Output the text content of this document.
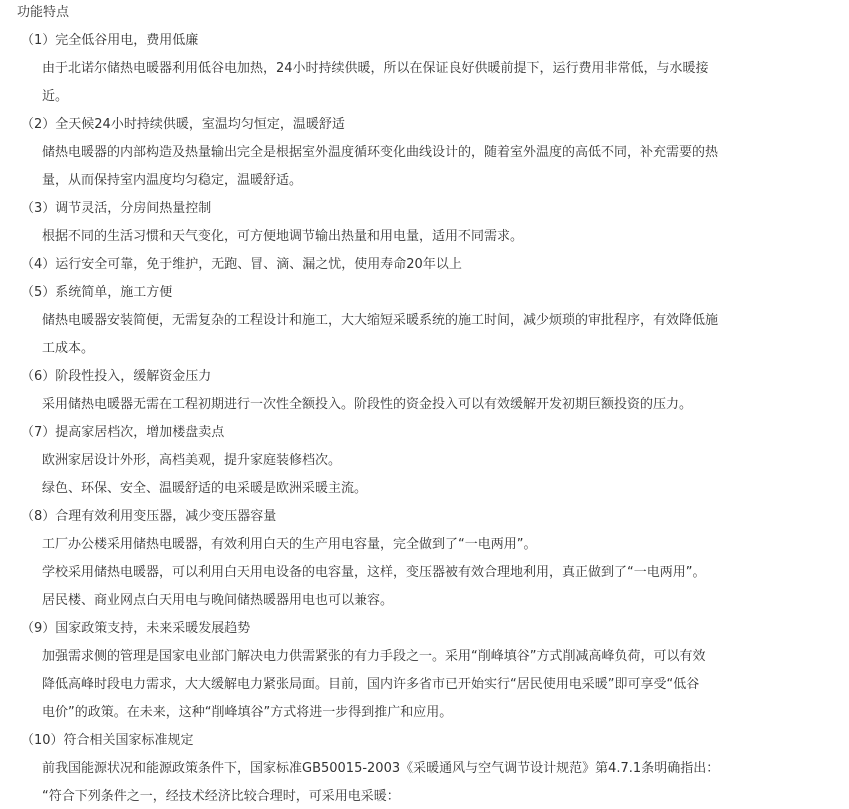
功能特点
（1）完全低谷用电，费用低廉
由于北诺尔储热电暖器利用低谷电加热，24小时持续供暖，所以在保证良好供暖前提下，运行费用非常低，与水暖接
近。
（2）全天候24小时持续供暖，室温均匀恒定，温暖舒适
储热电暖器的内部构造及热量输出完全是根据室外温度循环变化曲线设计的，随着室外温度的高低不同，补充需要的热
量，从而保持室内温度均匀稳定，温暖舒适。
（3）调节灵活，分房间热量控制
根据不同的生活习惯和天气变化，可方便地调节输出热量和用电量，适用不同需求。
（4）运行安全可靠，免于维护，无跑、冒、滴、漏之忧，使用寿命20年以上
（5）系统简单，施工方便
储热电暖器安装简便，无需复杂的工程设计和施工，大大缩短采暖系统的施工时间，减少烦琐的审批程序，有效降低施
工成本。
（6）阶段性投入，缓解资金压力
采用储热电暖器无需在工程初期进行一次性全额投入。阶段性的资金投入可以有效缓解开发初期巨额投资的压力。
（7）提高家居档次，增加楼盘卖点
欧洲家居设计外形，高档美观，提升家庭装修档次。
绿色、环保、安全、温暖舒适的电采暖是欧洲采暖主流。
（8）合理有效利用变压器，减少变压器容量
工厂办公楼采用储热电暖器，有效利用白天的生产用电容量，完全做到了“一电两用”。
学校采用储热电暖器，可以利用白天用电设备的电容量，这样，变压器被有效合理地利用，真正做到了“一电两用”。
居民楼、商业网点白天用电与晚间储热暖器用电也可以兼容。
（9）国家政策支持，未来采暖发展趋势
加强需求侧的管理是国家电业部门解决电力供需紧张的有力手段之一。采用“削峰填谷”方式削减高峰负荷，可以有效
降低高峰时段电力需求，大大缓解电力紧张局面。目前，国内许多省市已开始实行“居民使用电采暖”即可享受“低谷
电价”的政策。在未来，这种“削峰填谷”方式将进一步得到推广和应用。
（10）符合相关国家标准规定
前我国能源状况和能源政策条件下，国家标准GB50015-2003《采暖通风与空气调节设计规范》第4.7.1条明确指出：
“符合下列条件之一，经技术经济比较合理时，可采用电采暖：
